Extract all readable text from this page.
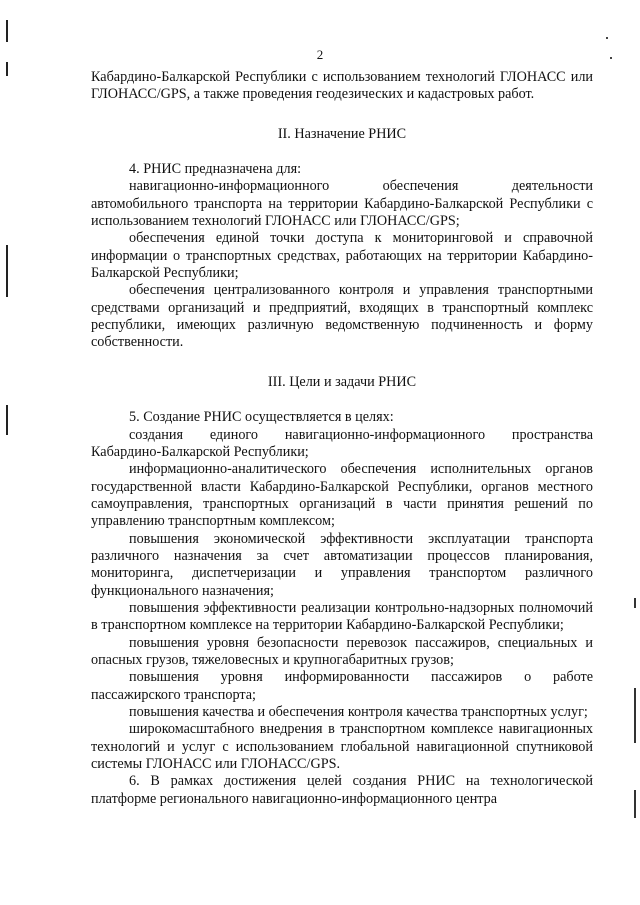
2

Кабардино-Балкарской Республики с использованием технологий ГЛОНАСС или ГЛОНАСС/GPS, а также проведения геодезических и кадастровых работ.

II. Назначение РНИС

4. РНИС предназначена для:

навигационно-информационного обеспечения деятельности автомобильного транспорта на территории Кабардино-Балкарской Республики с использованием технологий ГЛОНАСС или ГЛОНАСС/GPS;

обеспечения единой точки доступа к мониторинговой и справочной информации о транспортных средствах, работающих на территории Кабардино-Балкарской Республики;

обеспечения централизованного контроля и управления транспортными средствами организаций и предприятий, входящих в транспортный комплекс республики, имеющих различную ведомственную подчиненность и форму собственности.

III. Цели и задачи РНИС

5. Создание РНИС осуществляется в целях:

создания единого навигационно-информационного пространства Кабардино-Балкарской Республики;

информационно-аналитического обеспечения исполнительных органов государственной власти Кабардино-Балкарской Республики, органов местного самоуправления, транспортных организаций в части принятия решений по управлению транспортным комплексом;

повышения экономической эффективности эксплуатации транспорта различного назначения за счет автоматизации процессов планирования, мониторинга, диспетчеризации и управления транспортом различного функционального назначения;

повышения эффективности реализации контрольно-надзорных полномочий в транспортном комплексе на территории Кабардино-Балкарской Республики;

повышения уровня безопасности перевозок пассажиров, специальных и опасных грузов, тяжеловесных и крупногабаритных грузов;

повышения уровня информированности пассажиров о работе пассажирского транспорта;

повышения качества и обеспечения контроля качества транспортных услуг;

широкомасштабного внедрения в транспортном комплексе навигационных технологий и услуг с использованием глобальной навигационной спутниковой системы ГЛОНАСС или ГЛОНАСС/GPS.

6. В рамках достижения целей создания РНИС на технологической платформе регионального навигационно-информационного центра
